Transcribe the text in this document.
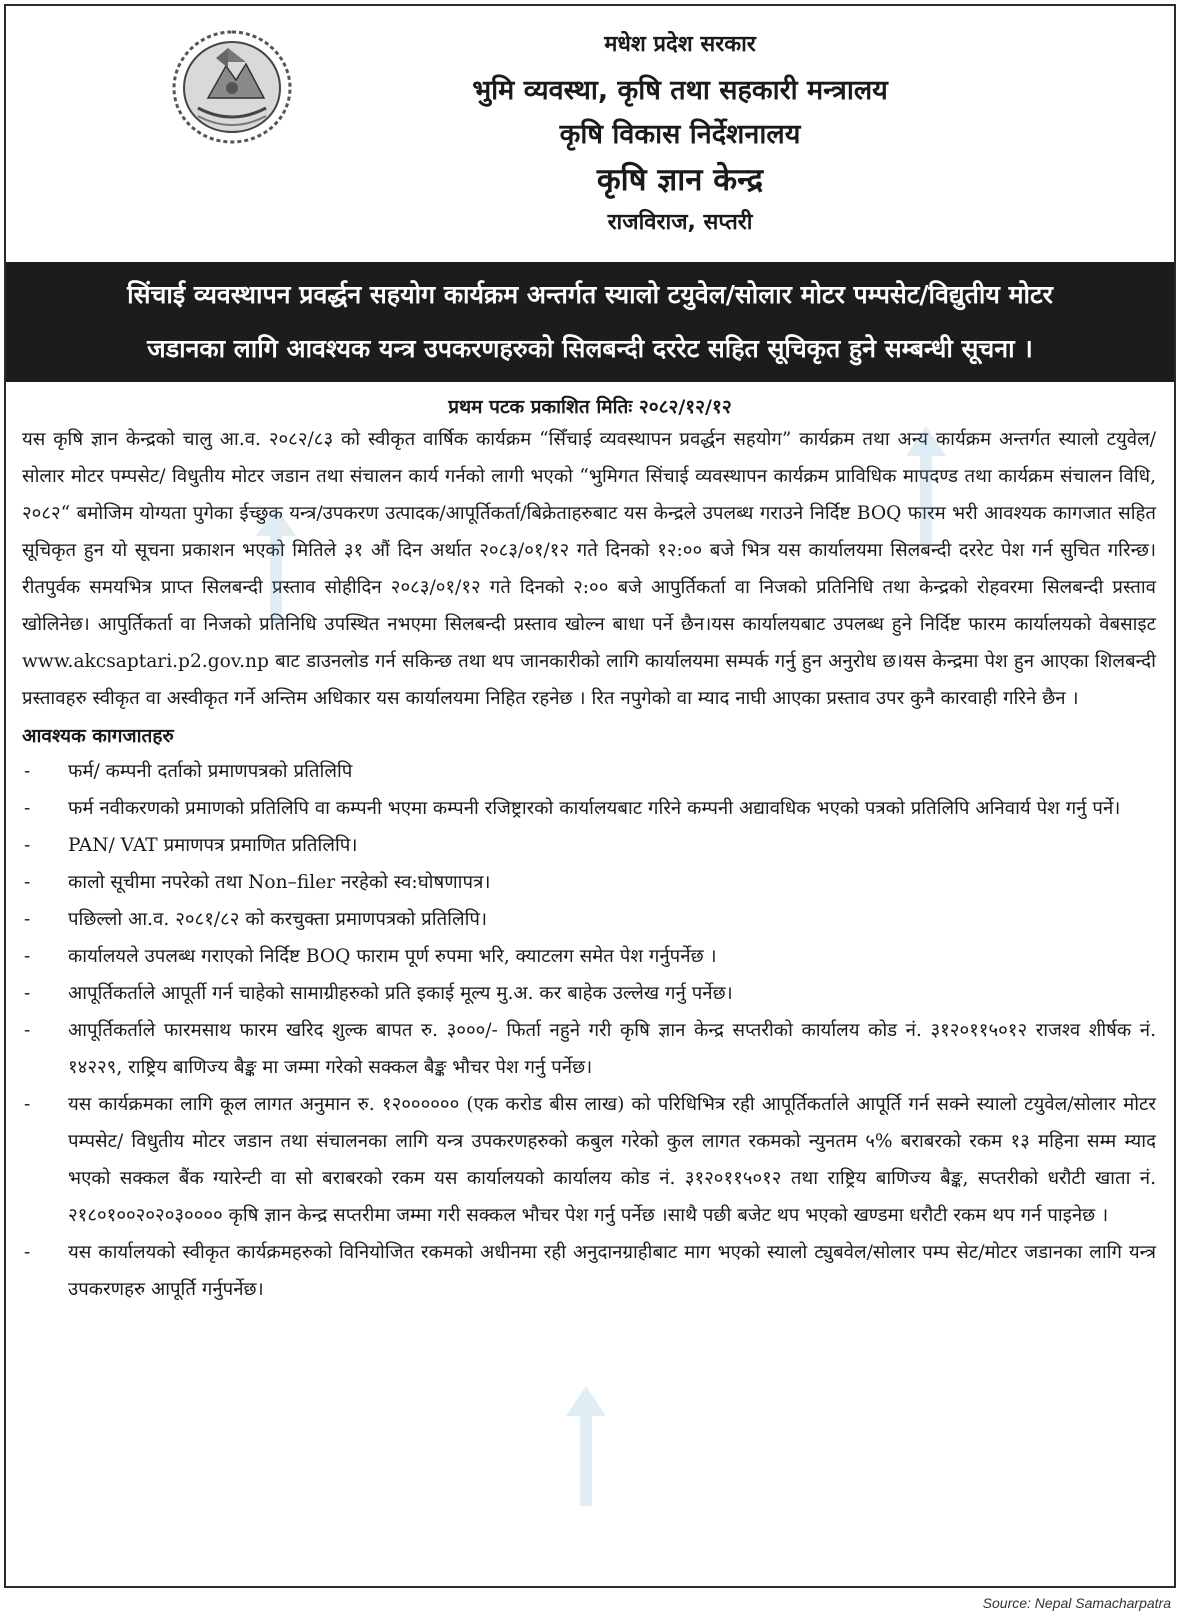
मधेश प्रदेश सरकार
भुमि व्यवस्था, कृषि तथा सहकारी मन्त्रालय
कृषि विकास निर्देशनालय
कृषि ज्ञान केन्द्र
राजविराज, सप्तरी
सिंचाई व्यवस्थापन प्रवर्द्धन सहयोग कार्यक्रम अन्तर्गत स्यालो टयुवेल/सोलार मोटर पम्पसेट/विद्युतीय मोटर
जडानका लागि आवश्यक यन्त्र उपकरणहरुको सिलबन्दी दररेट सहित सूचिकृत हुने सम्बन्धी सूचना ।
प्रथम पटक प्रकाशित मितिः २०८२/१२/१२

यस कृषि ज्ञान केन्द्रको चालु आ.व. २०८२/८३ को स्वीकृत वार्षिक कार्यक्रम “सिँचाई व्यवस्थापन प्रवर्द्धन सहयोग” कार्यक्रम तथा अन्य कार्यक्रम अन्तर्गत स्यालो टयुवेल/सोलार मोटर पम्पसेट/ विधुतीय मोटर जडान तथा संचालन कार्य गर्नको लागी भएको “भुमिगत सिंचाई व्यवस्थापन कार्यक्रम प्राविधिक मापदण्ड तथा कार्यक्रम संचालन विधि, २०८२“ बमोजिम योग्यता पुगेका ईच्छुक यन्त्र/उपकरण उत्पादक/आपूर्तिकर्ता/बिक्रेताहरुबाट यस केन्द्रले उपलब्ध गराउने निर्दिष्ट BOQ फारम भरी आवश्यक कागजात सहित सूचिकृत हुन यो सूचना प्रकाशन भएको मितिले ३१ औं दिन अर्थात २०८३/०१/१२ गते दिनको १२:०० बजे भित्र यस कार्यालयमा सिलबन्दी दररेट पेश गर्न सुचित गरिन्छ।रीतपुर्वक समयभित्र प्राप्त सिलबन्दी प्रस्ताव सोहीदिन २०८३/०१/१२ गते दिनको २:०० बजे आपुर्तिकर्ता वा निजको प्रतिनिधि तथा केन्द्रको रोहवरमा सिलबन्दी प्रस्ताव खोलिनेछ। आपुर्तिकर्ता वा निजको प्रतिनिधि उपस्थित नभएमा सिलबन्दी प्रस्ताव खोल्न बाधा पर्ने छैन।यस कार्यालयबाट उपलब्ध हुने निर्दिष्ट फारम कार्यालयको वेबसाइट www.akcsaptari.p2.gov.np बाट डाउनलोड गर्न सकिन्छ तथा थप जानकारीको लागि कार्यालयमा सम्पर्क गर्नु हुन अनुरोध छ।यस केन्द्रमा पेश हुन आएका शिलबन्दी प्रस्तावहरु स्वीकृत वा अस्वीकृत गर्ने अन्तिम अधिकार यस कार्यालयमा निहित रहनेछ । रित नपुगेको वा म्याद नाघी आएका प्रस्ताव उपर कुनै कारवाही गरिने छैन ।

आवश्यक कागजातहरु
- फर्म/ कम्पनी दर्ताको प्रमाणपत्रको प्रतिलिपि
- फर्म नवीकरणको प्रमाणको प्रतिलिपि वा कम्पनी भएमा कम्पनी रजिष्ट्रारको कार्यालयबाट गरिने कम्पनी अद्यावधिक भएको पत्रको प्रतिलिपि अनिवार्य पेश गर्नु पर्ने।
- PAN/ VAT प्रमाणपत्र प्रमाणित प्रतिलिपि।
- कालो सूचीमा नपरेको तथा Non–filer नरहेको स्व:घोषणापत्र।
- पछिल्लो आ.व. २०८१/८२ को करचुक्ता प्रमाणपत्रको प्रतिलिपि।
- कार्यालयले उपलब्ध गराएको निर्दिष्ट BOQ फाराम पूर्ण रुपमा भरि, क्याटलग समेत पेश गर्नुपर्नेछ ।
- आपूर्तिकर्ताले आपूर्ती गर्न चाहेको सामाग्रीहरुको प्रति इकाई मूल्य मु.अ. कर बाहेक उल्लेख गर्नु पर्नेछ।
- आपूर्तिकर्ताले फारमसाथ फारम खरिद शुल्क बापत रु. ३०००/- फिर्ता नहुने गरी कृषि ज्ञान केन्द्र सप्तरीको कार्यालय कोड नं. ३१२०११५०१२ राजश्व शीर्षक नं. १४२२९, राष्ट्रिय बाणिज्य बैङ्क मा जम्मा गरेको सक्कल बैङ्क भौचर पेश गर्नु पर्नेछ।
- यस कार्यक्रमका लागि कूल लागत अनुमान रु. १२०००००० (एक करोड बीस लाख) को परिधिभित्र रही आपूर्तिकर्ताले आपूर्ति गर्न सक्ने स्यालो टयुवेल/सोलार मोटर पम्पसेट/ विधुतीय मोटर जडान तथा संचालनका लागि यन्त्र उपकरणहरुको कबुल गरेको कुल लागत रकमको न्युनतम ५% बराबरको रकम १३ महिना सम्म म्याद भएको सक्कल बैंक ग्यारेन्टी वा सो बराबरको रकम यस कार्यालयको कार्यालय कोड नं. ३१२०११५०१२ तथा राष्ट्रिय बाणिज्य बैङ्क, सप्तरीको धरौटी खाता नं. २१८०१००२०२०३०००० कृषि ज्ञान केन्द्र सप्तरीमा जम्मा गरी सक्कल भौचर पेश गर्नु पर्नेछ ।साथै पछी बजेट थप भएको खण्डमा धरौटी रकम थप गर्न पाइनेछ ।
- यस कार्यालयको स्वीकृत कार्यक्रमहरुको विनियोजित रकमको अधीनमा रही अनुदानग्राहीबाट माग भएको स्यालो ट्युबवेल/सोलार पम्प सेट/मोटर जडानका लागि यन्त्र उपकरणहरु आपूर्ति गर्नुपर्नेछ।
Source: Nepal Samacharpatra
